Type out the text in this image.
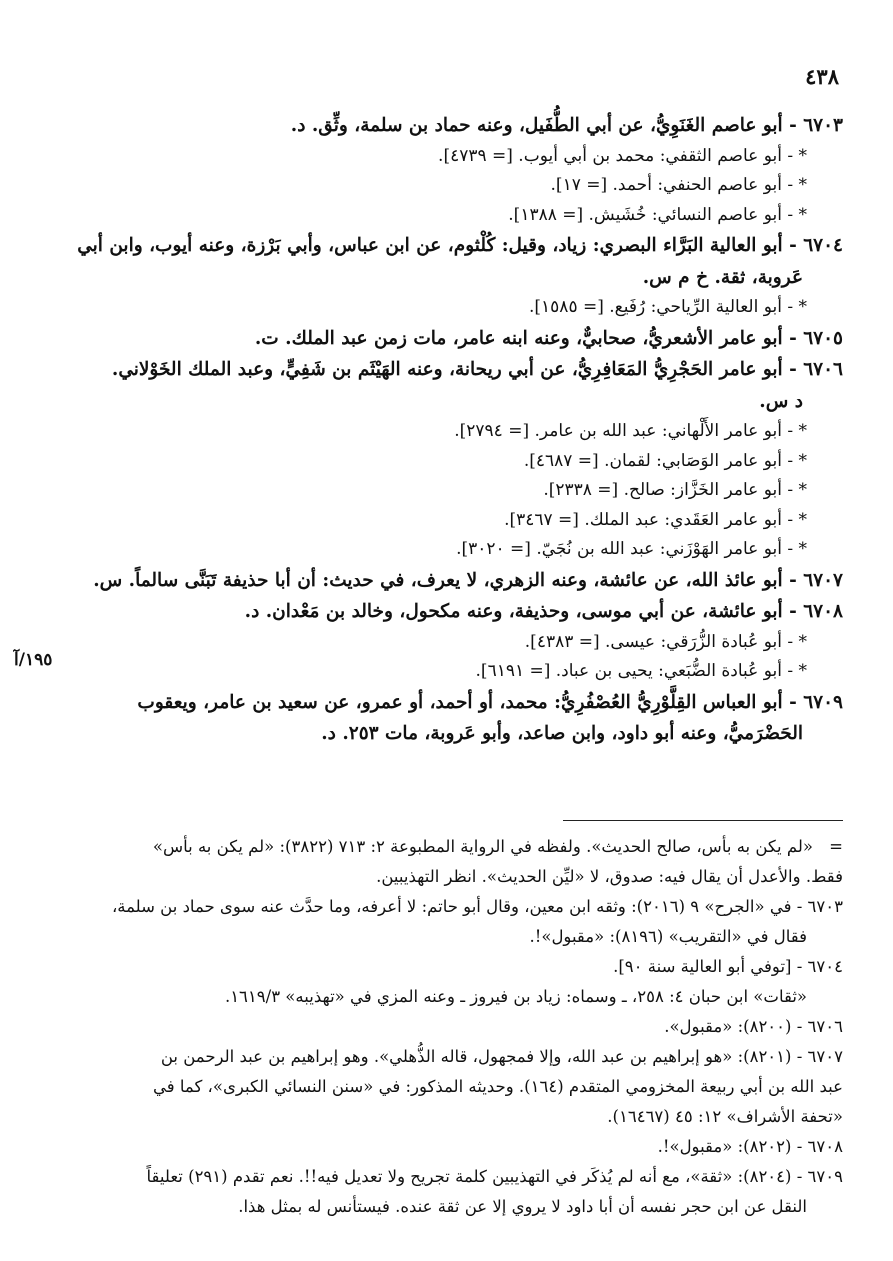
٤٣٨

٦٧٠٣ - أبو عاصم الغَنَوِيُّ، عن أبي الطُّفَيل، وعنه حماد بن سلمة، وثِّق. د.

* - أبو عاصم الثقفي: محمد بن أبي أيوب. [= ٤٧٣٩].

* - أبو عاصم الحنفي: أحمد. [= ١٧].

* - أبو عاصم النسائي: خُشَيش. [= ١٣٨٨].

٦٧٠٤ - أبو العالية البَرَّاء البصري: زياد، وقيل: كُلْثوم، عن ابن عباس، وأبي بَرْزة، وعنه أيوب، وابن أبي

عَروبة، ثقة. خ م س.

* - أبو العالية الرِّياحي: رُفَيع. [= ١٥٨٥].

٦٧٠٥ - أبو عامر الأشعريُّ، صحابيٌّ، وعنه ابنه عامر، مات زمن عبد الملك. ت.

٦٧٠٦ - أبو عامر الحَجْرِيُّ المَعَافِرِيُّ، عن أبي ريحانة، وعنه الهَيْثَم بن شَفِيٍّ، وعبد الملك الخَوْلاني.

د س.

* - أبو عامر الأَلْهاني: عبد الله بن عامر. [= ٢٧٩٤].

* - أبو عامر الوَصَابي: لقمان. [= ٤٦٨٧].

* - أبو عامر الخَزَّاز: صالح. [= ٢٣٣٨].

* - أبو عامر العَقَدي: عبد الملك. [= ٣٤٦٧].

* - أبو عامر الهَوْزَني: عبد الله بن نُجَيّ. [= ٣٠٢٠].

٦٧٠٧ - أبو عائذ الله، عن عائشة، وعنه الزهري، لا يعرف، في حديث: أن أبا حذيفة تَبَنَّى سالماً. س.

٦٧٠٨ - أبو عائشة، عن أبي موسى، وحذيفة، وعنه مكحول، وخالد بن مَعْدان. د.

* - أبو عُبادة الزُّرَقي: عيسى. [= ٤٣٨٣].

* - أبو عُبادة الضُّبَعي: يحيى بن عباد. [= ٦١٩١].

٦٧٠٩ - أبو العباس القِلَّوْرِيُّ العُصْفُرِيُّ: محمد، أو أحمد، أو عمرو، عن سعيد بن عامر، ويعقوب

الحَضْرَميُّ، وعنه أبو داود، وابن صاعد، وأبو عَروبة، مات ٢٥٣. د.

١٩٥/آ

=
«لم يكن به بأس، صالح الحديث». ولفظه في الرواية المطبوعة ٢: ٧١٣ (٣٨٢٢): «لم يكن به بأس»

فقط. والأعدل أن يقال فيه: صدوق، لا «ليِّن الحديث». انظر التهذيبين.

٦٧٠٣ - في «الجرح» ٩ (٢٠١٦): وثقه ابن معين، وقال أبو حاتم: لا أعرفه، وما حدَّث عنه سوى حماد بن سلمة،

فقال في «التقريب» (٨١٩٦): «مقبول»!.

٦٧٠٤ - [توفي أبو العالية سنة ٩٠].

«ثقات» ابن حبان ٤: ٢٥٨، ـ وسماه: زياد بن فيروز ـ وعنه المزي في «تهذيبه» ١٦١٩/٣.

٦٧٠٦ - (٨٢٠٠): «مقبول».

٦٧٠٧ - (٨٢٠١): «هو إبراهيم بن عبد الله، وإلا فمجهول، قاله الذُّهلي». وهو إبراهيم بن عبد الرحمن بن

عبد الله بن أبي ربيعة المخزومي المتقدم (١٦٤). وحديثه المذكور: في «سنن النسائي الكبرى»، كما في

«تحفة الأشراف» ١٢: ٤٥ (١٦٤٦٧).

٦٧٠٨ - (٨٢٠٢): «مقبول»!.

٦٧٠٩ - (٨٢٠٤): «ثقة»، مع أنه لم يُذكَر في التهذيبين كلمة تجريح ولا تعديل فيه!!. نعم تقدم (٢٩١) تعليقاً

النقل عن ابن حجر نفسه أن أبا داود لا يروي إلا عن ثقة عنده. فيستأنس له بمثل هذا.
